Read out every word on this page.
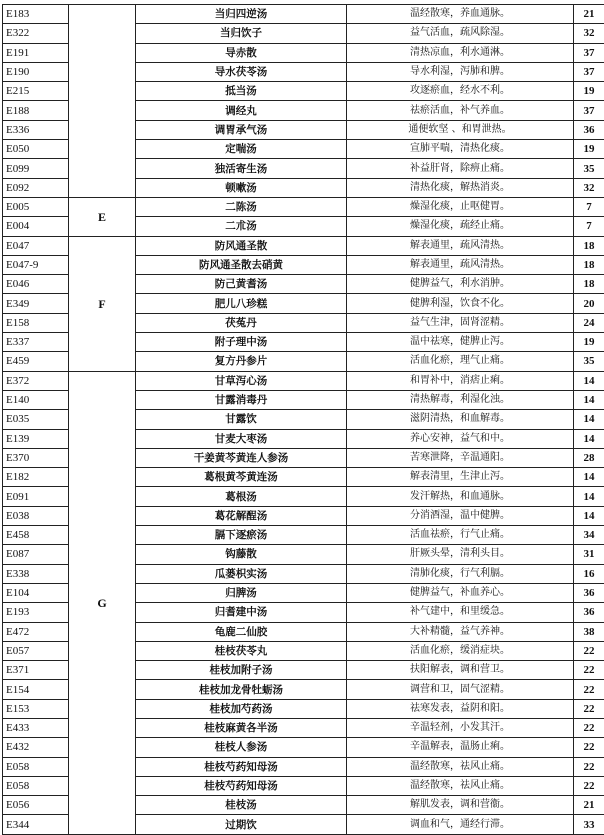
E183		当归四逆汤	温经散寒，养血通脉。	21
E322		当归饮子	益气活血，疏风除湿。	32
E191		导赤散	清热凉血，利水通淋。	37
E190		导水茯苓汤	导水利湿，泻肺和脾。	37
E215		抵当汤	攻逐瘀血，经水不利。	19
E188		调经丸	祛瘀活血，补气养血。	37
E336		调胃承气汤	通便软坚 、和胃泄热。	36
E050		定喘汤	宣肺平喘，清热化痰。	19
E099		独活寄生汤	补益肝肾，除痹止痛。	35
E092		顿嗽汤	清热化痰，解热消炎。	32
E005	E	二陈汤	燥湿化痰，止呕健胃。	7
E004		二朮汤	燥湿化痰，疏经止痛。	7
E047	F	防风通圣散	解表通里，疏风清热。	18
E047-9		防风通圣散去硝黄	解表通里，疏风清热。	18
E046		防己黄耆汤	健脾益气，利水消肿。	18
E349		肥儿八珍糕	健脾利湿，饮食不化。	20
E158		茯菟丹	益气生津，固肾涩精。	24
E337		附子理中汤	温中祛寒，健脾止泻。	19
E459		复方丹参片	活血化瘀，理气止痛。	35
E372	G	甘草泻心汤	和胃补中，消痞止痢。	14
E140		甘露消毒丹	清热解毒，利湿化浊。	14
E035		甘露饮	滋阴清热，和血解毒。	14
E139		甘麦大枣汤	养心安神，益气和中。	14
E370		干姜黄芩黄连人参汤	苦寒泄降，辛温通阳。	28
E182		葛根黄芩黄连汤	解表清里，生津止泻。	14
E091		葛根汤	发汗解热，和血通脉。	14
E038		葛花解酲汤	分消酒湿，温中健脾。	14
E458		膈下逐瘀汤	活血祛瘀，行气止痛。	34
E087		钩藤散	肝厥头晕，清利头目。	31
E338		瓜蒌枳实汤	清肺化痰，行气利膈。	16
E104		归脾汤	健脾益气，补血养心。	36
E193		归耆建中汤	补气建中，和里缓急。	36
E472		龟鹿二仙胶	大补精髓，益气养神。	38
E057		桂枝茯苓丸	活血化瘀，缓消症块。	22
E371		桂枝加附子汤	扶阳解表，调和营卫。	22
E154		桂枝加龙骨牡蛎汤	调营和卫，固气涩精。	22
E153		桂枝加芍药汤	祛寒发表，益阴和阳。	22
E433		桂枝麻黄各半汤	辛温轻剂，小发其汗。	22
E432		桂枝人参汤	辛温解表，温肠止痢。	22
E058		桂枝芍药知母汤	温经散寒，祛风止痛。	22
E058		桂枝芍药知母汤	温经散寒，祛风止痛。	22
E056		桂枝汤	解肌发表，调和营衞。	21
E344		过期饮	调血和气，通经行滞。	33
